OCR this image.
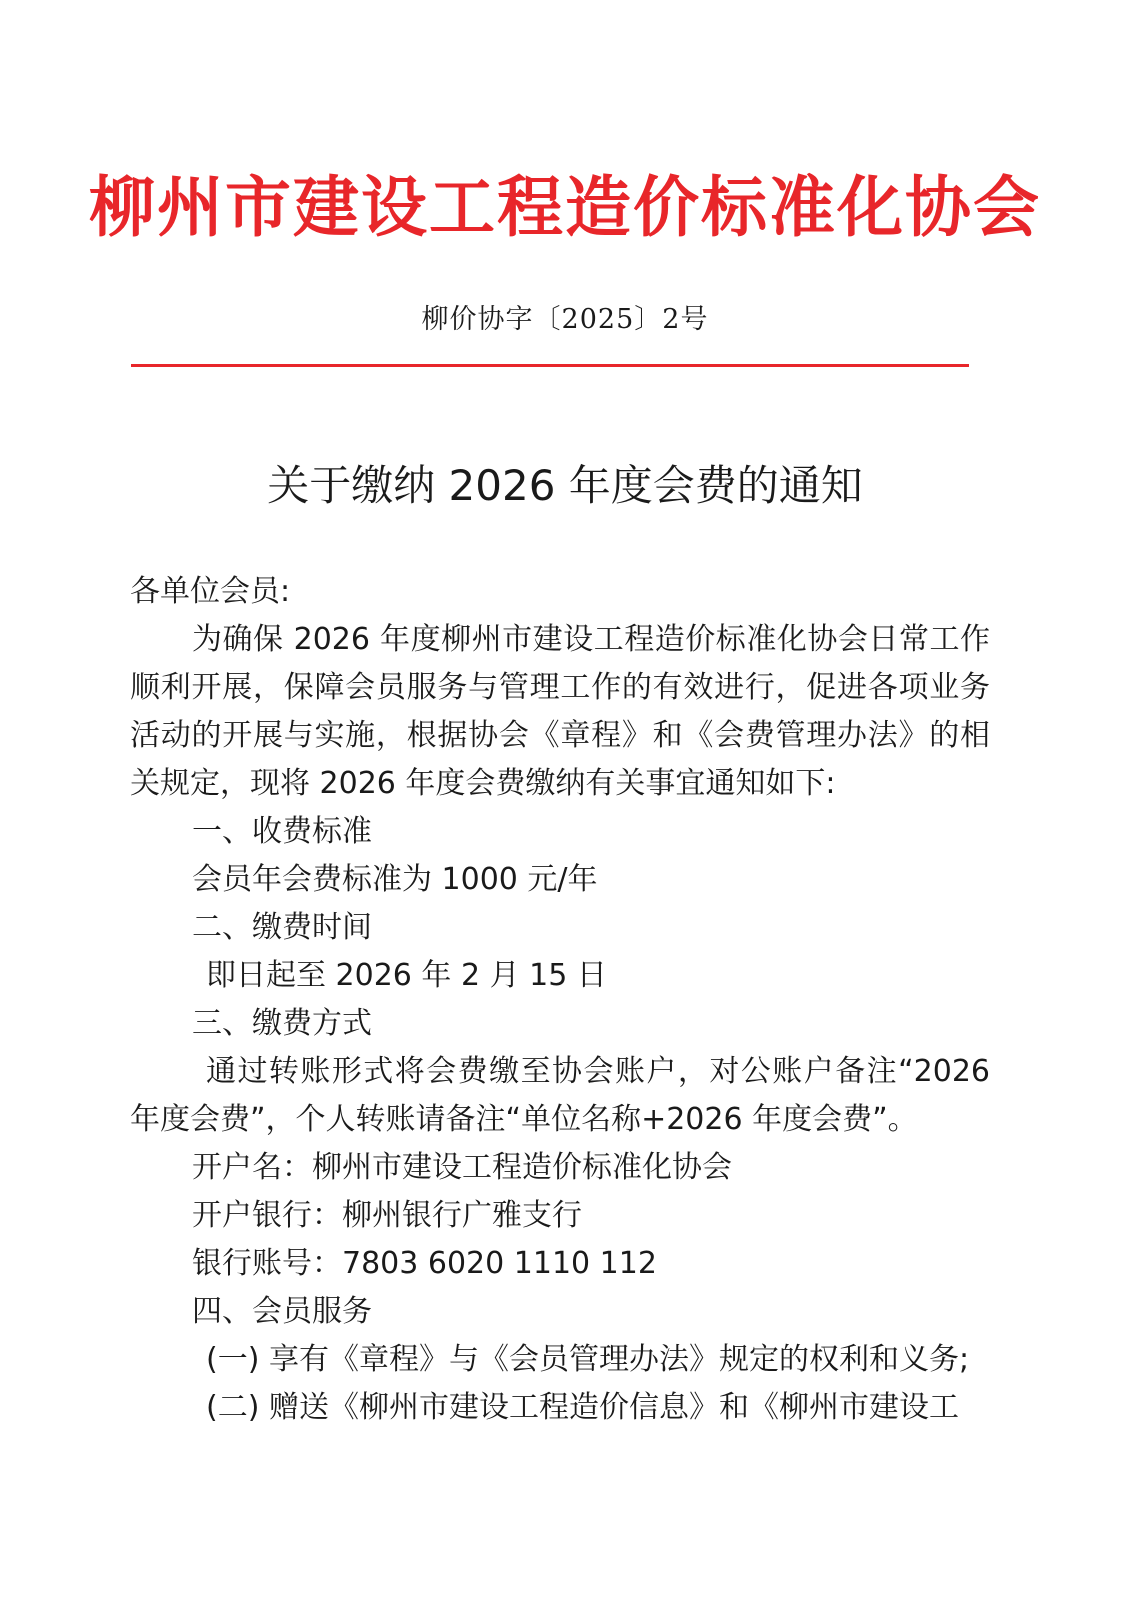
柳州市建设工程造价标准化协会
柳价协字〔2025〕2号
关于缴纳 2026 年度会费的通知
各单位会员:
为确保 2026 年度柳州市建设工程造价标准化协会日常工作
顺利开展，保障会员服务与管理工作的有效进行，促进各项业务
活动的开展与实施，根据协会《章程》和《会费管理办法》的相
关规定，现将 2026 年度会费缴纳有关事宜通知如下:
一、收费标准
会员年会费标准为 1000 元/年
二、缴费时间
即日起至 2026 年 2 月 15 日
三、缴费方式
通过转账形式将会费缴至协会账户，对公账户备注“2026
年度会费”，个人转账请备注“单位名称+2026 年度会费”。
开户名：柳州市建设工程造价标准化协会
开户银行：柳州银行广雅支行
银行账号：7803 6020 1110 112
四、会员服务
(一) 享有《章程》与《会员管理办法》规定的权利和义务;
(二) 赠送《柳州市建设工程造价信息》和《柳州市建设工
